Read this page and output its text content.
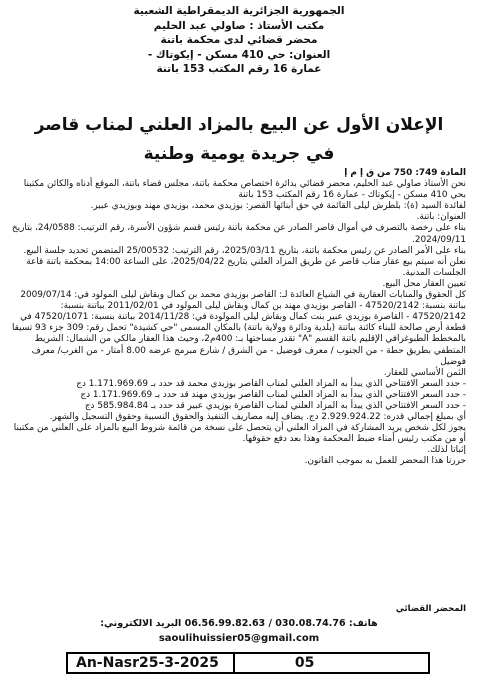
الجمهورية الجزائرية الديمقراطية الشعبية
مكتب الأستاذ : صاولي عبد الحليم
محضر قضائي لدى محكمة باتنة
العنوان: حي 410 مسكن - إيكوتاك -
عمارة 16 رقم المكتب 153 باتنة
الإعلان الأول عن البيع بالمزاد العلني لمناب قاصر
في جريدة يومية وطنية

المادة 749: 750 من ق إ م إ

نحن الأستاذ صاولي عبد الحليم، محضر قضائي بدائرة اختصاص محكمة باتنة، مجلس قضاء باتنة، الموقع أدناه والكائن مكتبنا بحي 410 مسكن - إيكوتاك - عمارة 16 رقم المكتب 153 باتنة

لفائدة السيد (ة): بلطرش ليلى القائمة في حق أبنائها القصر: بوزيدي محمد، بوزيدي مهند وبوزيدي عبير.

العنوان: باتنة.

بناء على رخصة بالتصرف في أموال قاصر الصادر عن محكمة باتنة رئيس قسم شؤون الأسرة، رقم الترتيب: 24/0588، بتاريخ 2024/09/11.

بناء على الأمر الصادر عن رئيس محكمة باتنة، بتاريخ 2025/03/11، رقم الترتيب: 25/00532 المتضمن تحديد جلسة البيع.

نعلن أنه سيتم بيع عقار مناب قاصر عن طريق المزاد العلني بتاريخ 2025/04/22، على الساعة 14:00 بمحكمة باتنة قاعة الجلسات المدنية.

تعيين العقار محل البيع.

كل الحقوق والمنابات العقارية في الشياع العائدة لـ: القاصر بوزيدي محمد بن كمال وبقاش ليلى المولود في: 2009/07/14 بباتنة بنسبة: 47520/2142 - القاصر بوزيدي مهند بن كمال وبقاش ليلى المولود في 2011/02/01 بباتنة بنسبة: 47520/2142 - القاصرة بوزيدي عبير بنت كمال وبقاش ليلى المولودة في: 2014/11/28 بباتنة بنسبة: 47520/1071 في قطعة أرض صالحة للبناء كائنة بباتنة (بلدية ودائرة وولاية باتنة) بالمكان المسمى "حي كشيدة" تحمل رقم: 309 جزء 93 تسيقا بالمخطط الطبوغرافي الإقليم باتنة القسم "A" تقدر مساحتها بـ: 400م2، وحيث هذا العقار مالكي من الشمال: الشريط المتطفي بطريق حطة - من الجنوب / معرف فوضيل - من الشرق / شارع مبرمج عرضه 8.00 أمتار - من الغرب/ معرف فوضيل

الثمن الأساسي للعقار.

- حدد السعر الافتتاحي الذي يبدأ به المزاد العلني لمناب القاصر بوزيدي محمد قد حدد بـ 1.171.969.69 دج

- حدد السعر الافتتاحي الذي يبدأ به المزاد العلني لمناب القاصر بوزيدي مهند قد حدد بـ 1.171.969.69 دج

- حدد السعر الافتتاحي الذي يبدأ به المزاد العلني لمناب القاصرة بوزيدي عبير قد حدد بـ 585.984.84 دج

أي بمبلغ إجمالي قدره: 2.929.924.22 دج. يضاف إليه مصاريف التنفيذ والحقوق النسبية وحقوق التسجيل والشهر.

يجوز لكل شخص يريد المشاركة في المزاد العلني أن يتحصل على نسخة من قائمة شروط البيع بالمزاد على العلني من مكتبنا أو من مكتب رئيس أمناء ضبط المحكمة وهذا بعد دفع حقوقها.

إثباتا لذلك.

حررنا هذا المحضر للعمل به بموجب القانون.

المحضر القضائي
هاتف: 030.08.74.76 / 06.56.99.82.63 البريد الالكتروني:
saoulihuissier05@gmail.com
An-Nasr25-3-2025	05
